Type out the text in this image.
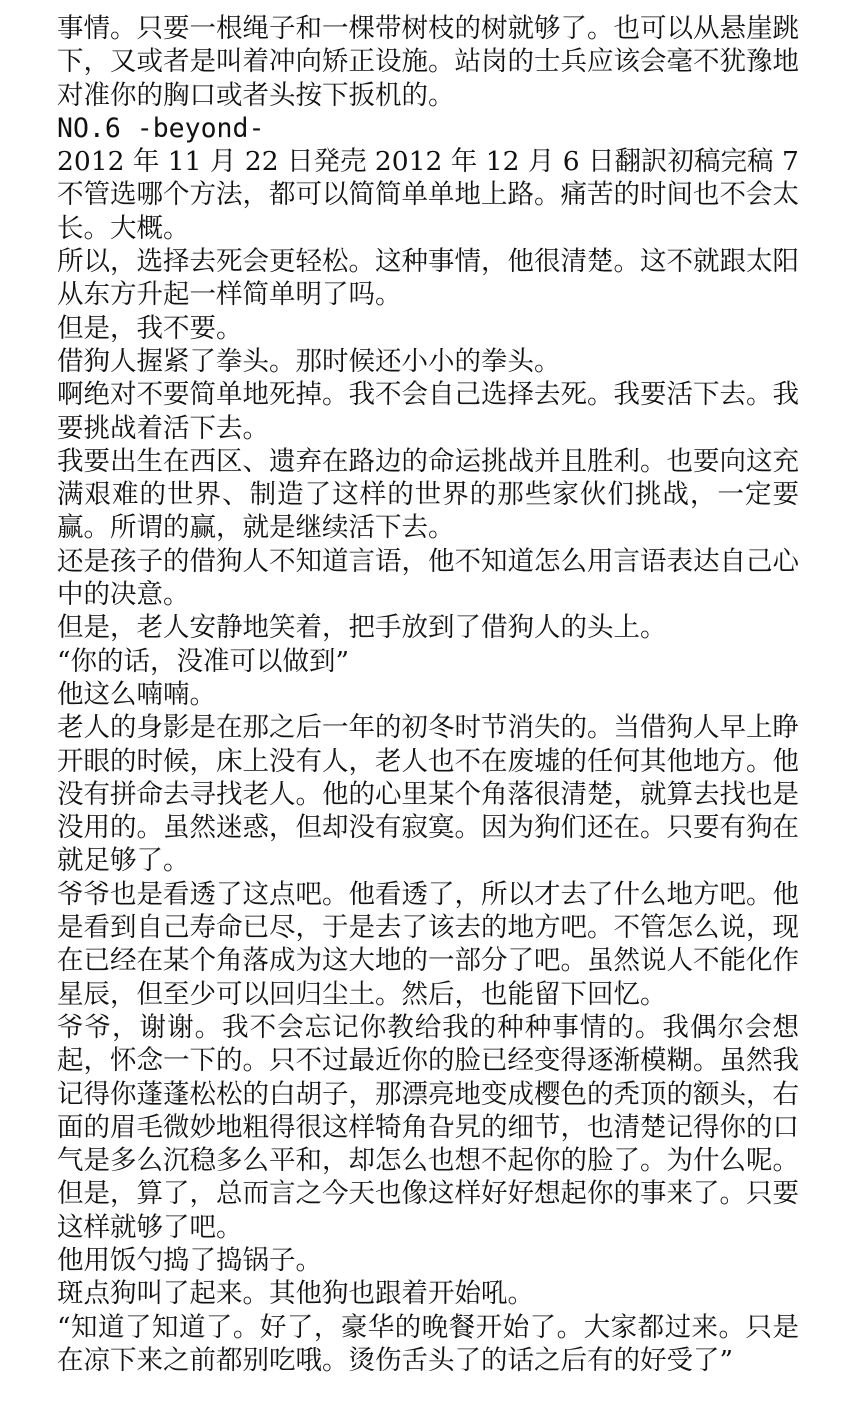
事情。只要一根绳子和一棵带树枝的树就够了。也可以从悬崖跳下，又或者是叫着冲向矫正设施。站岗的士兵应该会毫不犹豫地对准你的胸口或者头按下扳机的。

NO.6 -beyond-

2012 年 11 月 22 日発売 2012 年 12 月 6 日翻訳初稿完稿 7

不管选哪个方法，都可以简简单单地上路。痛苦的时间也不会太长。大概。

所以，选择去死会更轻松。这种事情，他很清楚。这不就跟太阳从东方升起一样简单明了吗。

但是，我不要。

借狗人握紧了拳头。那时候还小小的拳头。

啊绝对不要简单地死掉。我不会自己选择去死。我要活下去。我要挑战着活下去。

我要出生在西区、遗弃在路边的命运挑战并且胜利。也要向这充满艰难的世界、制造了这样的世界的那些家伙们挑战，一定要赢。所谓的赢，就是继续活下去。

还是孩子的借狗人不知道言语，他不知道怎么用言语表达自己心中的决意。

但是，老人安静地笑着，把手放到了借狗人的头上。

“你的话，没准可以做到”

他这么喃喃。

老人的身影是在那之后一年的初冬时节消失的。当借狗人早上睁开眼的时候，床上没有人，老人也不在废墟的任何其他地方。他没有拼命去寻找老人。他的心里某个角落很清楚，就算去找也是没用的。虽然迷惑，但却没有寂寞。因为狗们还在。只要有狗在就足够了。

爷爷也是看透了这点吧。他看透了，所以才去了什么地方吧。他是看到自己寿命已尽，于是去了该去的地方吧。不管怎么说，现在已经在某个角落成为这大地的一部分了吧。虽然说人不能化作星辰，但至少可以回归尘土。然后，也能留下回忆。

爷爷，谢谢。我不会忘记你教给我的种种事情的。我偶尔会想起，怀念一下的。只不过最近你的脸已经变得逐渐模糊。虽然我记得你蓬蓬松松的白胡子，那漂亮地变成樱色的秃顶的额头，右面的眉毛微妙地粗得很这样犄角旮旯的细节，也清楚记得你的口气是多么沉稳多么平和，却怎么也想不起你的脸了。为什么呢。但是，算了，总而言之今天也像这样好好想起你的事来了。只要这样就够了吧。

他用饭勺捣了捣锅子。

斑点狗叫了起来。其他狗也跟着开始吼。

“知道了知道了。好了，豪华的晚餐开始了。大家都过来。只是在凉下来之前都别吃哦。烫伤舌头了的话之后有的好受了”
